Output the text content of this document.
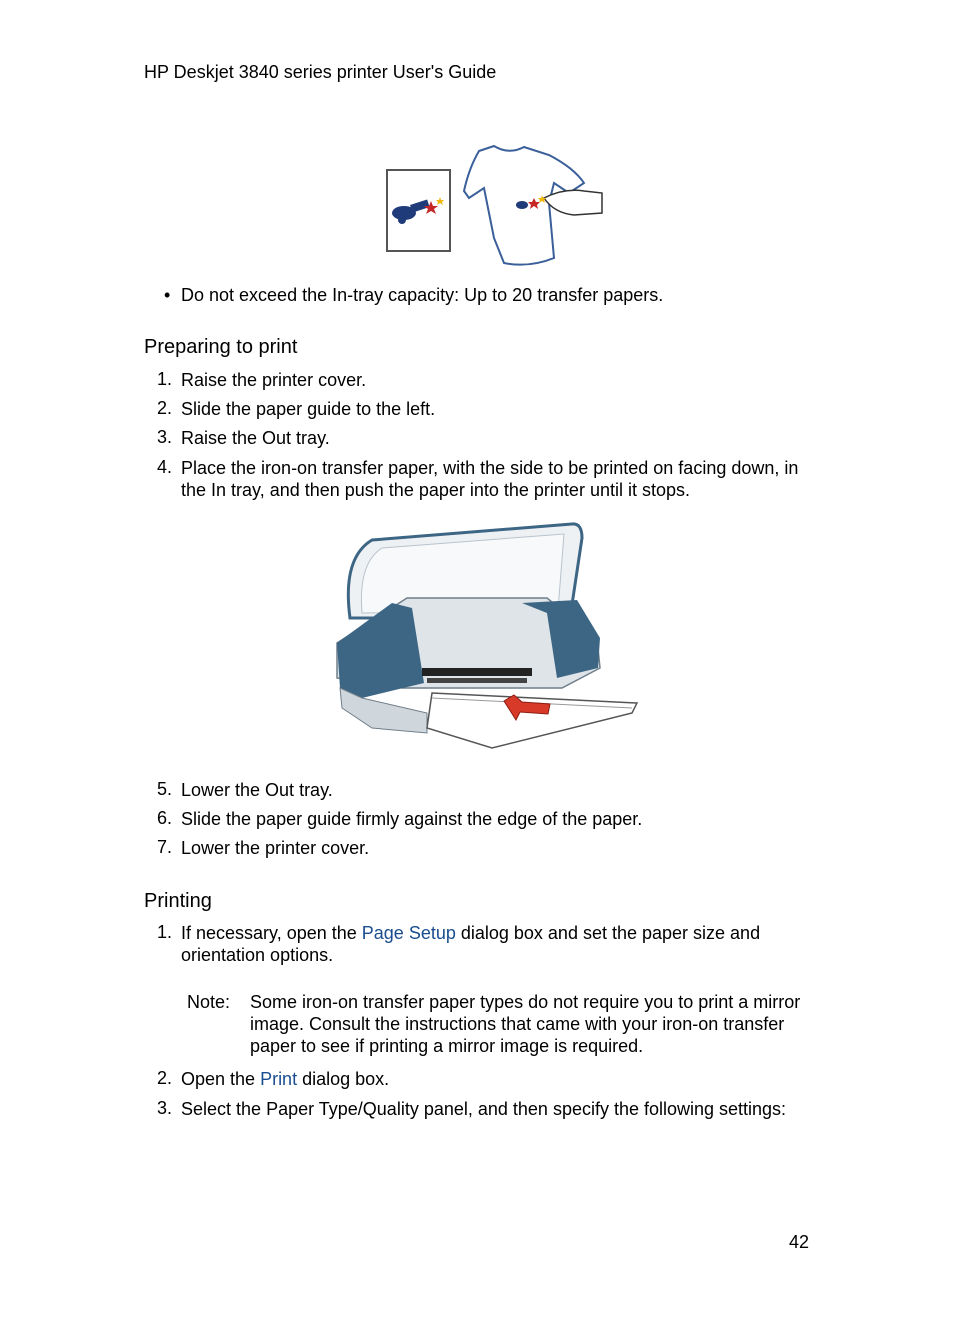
HP Deskjet 3840 series printer User's Guide
• Do not exceed the In-tray capacity: Up to 20 transfer papers.
Preparing to print
1. Raise the printer cover.
2. Slide the paper guide to the left.
3. Raise the Out tray.
4. Place the iron-on transfer paper, with the side to be printed on facing down, in the In tray, and then push the paper into the printer until it stops.
5. Lower the Out tray.
6. Slide the paper guide firmly against the edge of the paper.
7. Lower the printer cover.
Printing
1. If necessary, open the Page Setup dialog box and set the paper size and orientation options.
Note: Some iron-on transfer paper types do not require you to print a mirror image. Consult the instructions that came with your iron-on transfer paper to see if printing a mirror image is required.
2. Open the Print dialog box.
3. Select the Paper Type/Quality panel, and then specify the following settings:
42
